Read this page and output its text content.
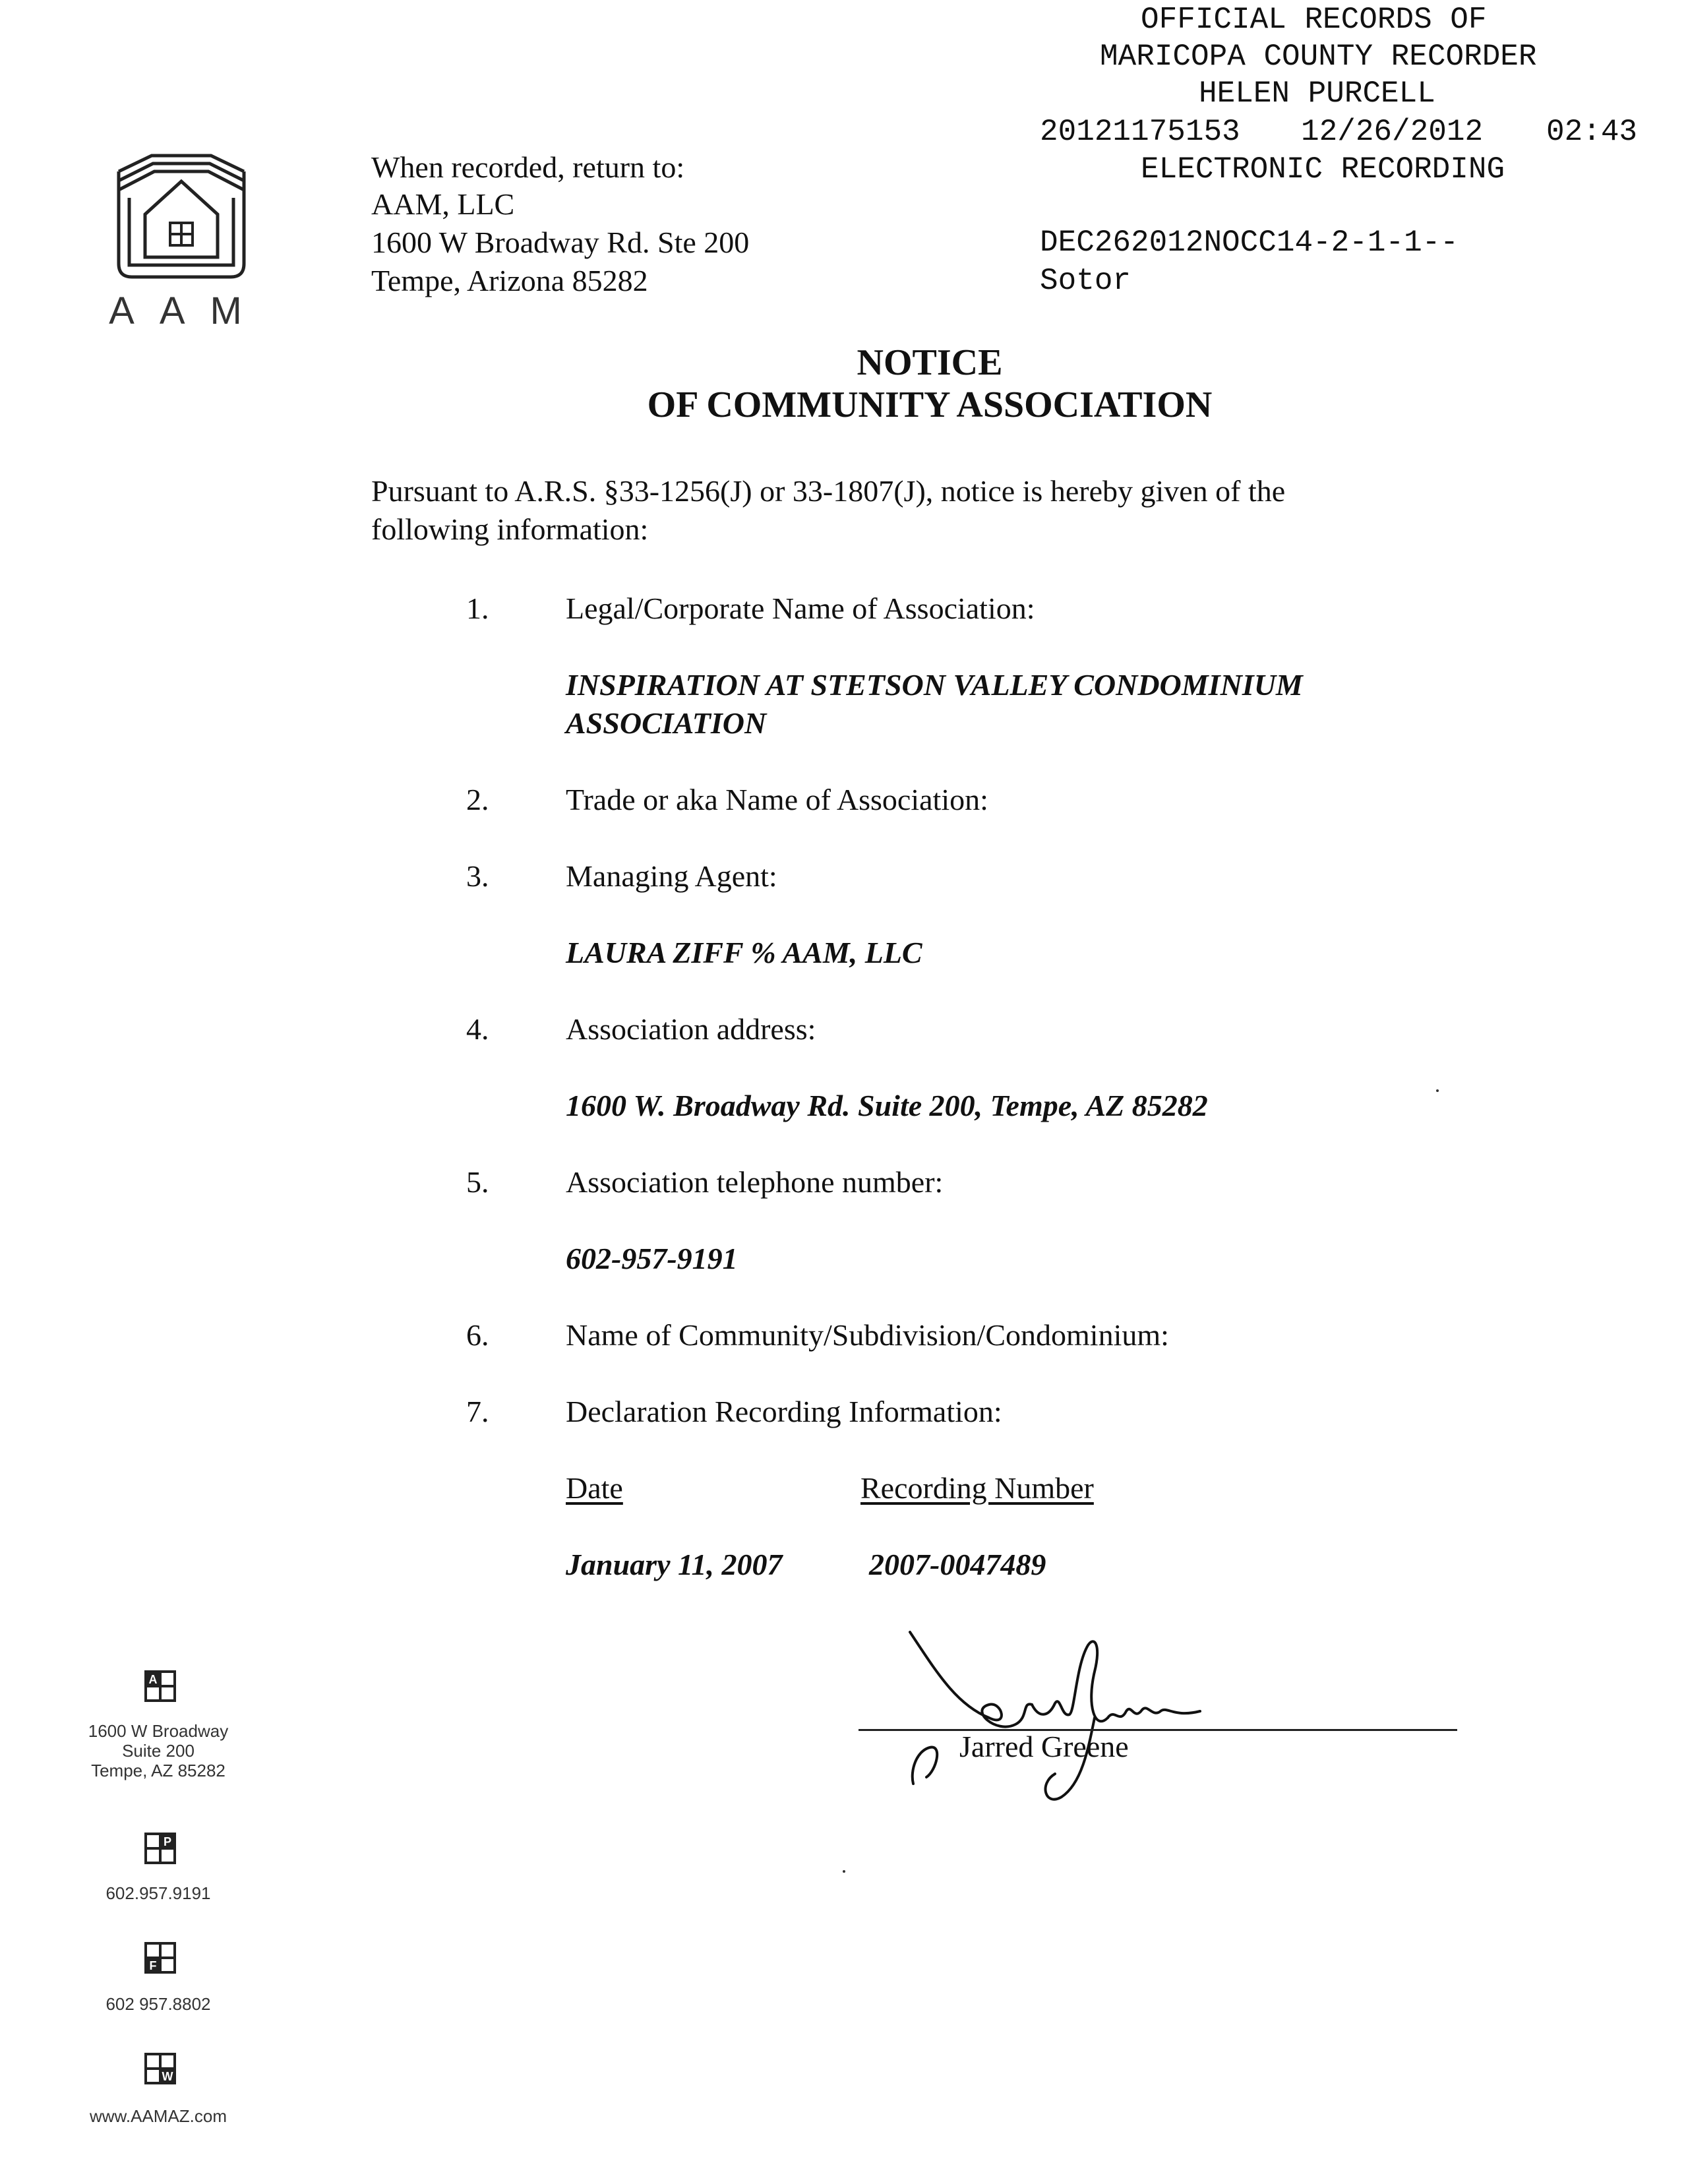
OFFICIAL RECORDS OF
MARICOPA COUNTY RECORDER
HELEN PURCELL
20121175153 12/26/2012 02:43
ELECTRONIC RECORDING
DEC262012NOCC14-2-1-1--
Sotor
AAM
When recorded, return to:
AAM, LLC
1600 W Broadway Rd. Ste 200
Tempe, Arizona 85282
NOTICE
OF COMMUNITY ASSOCIATION
Pursuant to A.R.S. §33-1256(J) or 33-1807(J), notice is hereby given of the
following information:
1.	Legal/Corporate Name of Association:
INSPIRATION AT STETSON VALLEY CONDOMINIUM
ASSOCIATION
2.	Trade or aka Name of Association:
3.	Managing Agent:
LAURA ZIFF % AAM, LLC
4.	Association address:
1600 W. Broadway Rd. Suite 200, Tempe, AZ 85282
5.	Association telephone number:
602-957-9191
6.	Name of Community/Subdivision/Condominium:
7.	Declaration Recording Information:
Date	Recording Number
January 11, 2007	2007-0047489
Jarred Greene
A
1600 W Broadway
Suite 200
Tempe, AZ 85282
P
602.957.9191
F
602 957.8802
W
www.AAMAZ.com
